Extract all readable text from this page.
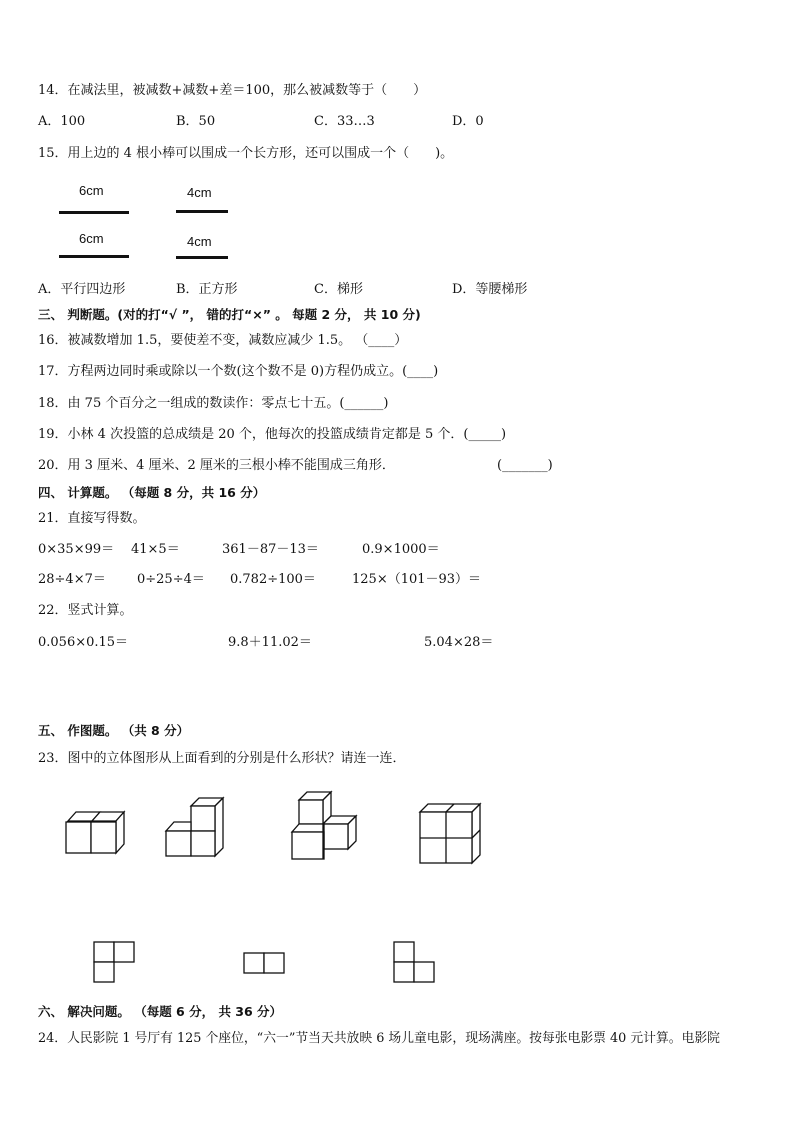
14．在减法里，被减数+减数+差＝100，那么被减数等于（　　）
A．100	B．50	C．33…3	D．0
15．用上边的 4 根小棒可以围成一个长方形，还可以围成一个（　　)。
6cm
6cm
4cm
4cm
A．平行四边形	B．正方形	C．梯形	D．等腰梯形
三、 判断题。(对的打“√ ”， 错的打“×” 。 每题 2 分， 共 10 分)
16．被减数增加 1.5，要使差不变，减数应减少 1.5。 （____）
17．方程两边同时乘或除以一个数(这个数不是 0)方程仍成立。(____)
18．由 75 个百分之一组成的数读作：零点七十五。(______)
19．小林 4 次投篮的总成绩是 20 个，他每次的投篮成绩肯定都是 5 个．(_____)
20．用 3 厘米、4 厘米、2 厘米的三根小棒不能围成三角形．	(_______)
四、 计算题。 （每题 8 分，共 16 分）
21．直接写得数。
0×35×99＝ 41×5＝	361－87－13＝	0.9×1000＝
28÷4×7＝ 0÷25÷4＝ 0.782÷100＝	125×（101－93）＝
22．竖式计算。
0.056×0.15＝	9.8＋11.02＝	5.04×28＝
五、 作图题。 （共 8 分）
23．图中的立体图形从上面看到的分别是什么形状？请连一连．
六、 解决问题。 （每题 6 分， 共 36 分）
24．人民影院 1 号厅有 125 个座位，“六一”节当天共放映 6 场儿童电影，现场满座。按每张电影票 40 元计算。电影院
